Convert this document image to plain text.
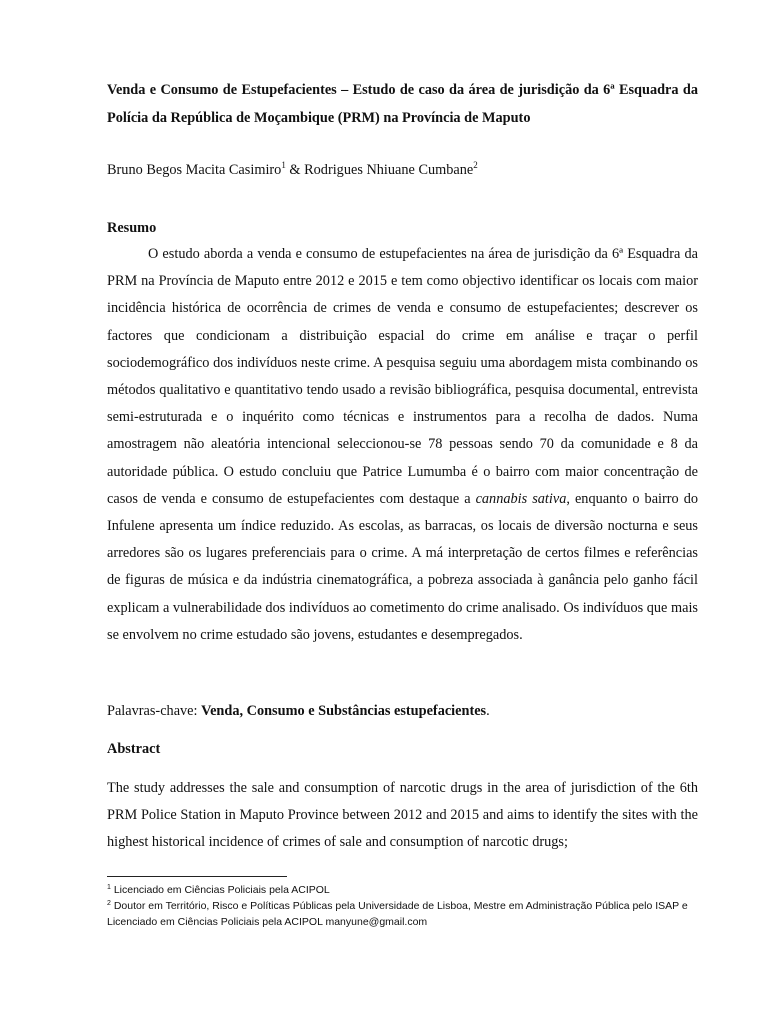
Venda e Consumo de Estupefacientes – Estudo de caso da área de jurisdição da 6ª Esquadra da Polícia da República de Moçambique (PRM) na Província de Maputo
Bruno Begos Macita Casimiro$^1$ & Rodrigues Nhiuane Cumbane$^2$
Resumo
O estudo aborda a venda e consumo de estupefacientes na área de jurisdição da 6ª Esquadra da PRM na Província de Maputo entre 2012 e 2015 e tem como objectivo identificar os locais com maior incidência histórica de ocorrência de crimes de venda e consumo de estupefacientes; descrever os factores que condicionam a distribuição espacial do crime em análise e traçar o perfil sociodemográfico dos indivíduos neste crime. A pesquisa seguiu uma abordagem mista combinando os métodos qualitativo e quantitativo tendo usado a revisão bibliográfica, pesquisa documental, entrevista semi-estruturada e o inquérito como técnicas e instrumentos para a recolha de dados. Numa amostragem não aleatória intencional seleccionou-se 78 pessoas sendo 70 da comunidade e 8 da autoridade pública. O estudo concluiu que Patrice Lumumba é o bairro com maior concentração de casos de venda e consumo de estupefacientes com destaque a cannabis sativa, enquanto o bairro do Infulene apresenta um índice reduzido. As escolas, as barracas, os locais de diversão nocturna e seus arredores são os lugares preferenciais para o crime. A má interpretação de certos filmes e referências de figuras de música e da indústria cinematográfica, a pobreza associada à ganância pelo ganho fácil explicam a vulnerabilidade dos indivíduos ao cometimento do crime analisado. Os indivíduos que mais se envolvem no crime estudado são jovens, estudantes e desempregados.
Palavras-chave: Venda, Consumo e Substâncias estupefacientes.
Abstract
The study addresses the sale and consumption of narcotic drugs in the area of jurisdiction of the 6th PRM Police Station in Maputo Province between 2012 and 2015 and aims to identify the sites with the highest historical incidence of crimes of sale and consumption of narcotic drugs;
$^1$ Licenciado em Ciências Policiais pela ACIPOL
$^2$ Doutor em Território, Risco e Políticas Públicas pela Universidade de Lisboa, Mestre em Administração Pública pelo ISAP e Licenciado em Ciências Policiais pela ACIPOL manyune@gmail.com
